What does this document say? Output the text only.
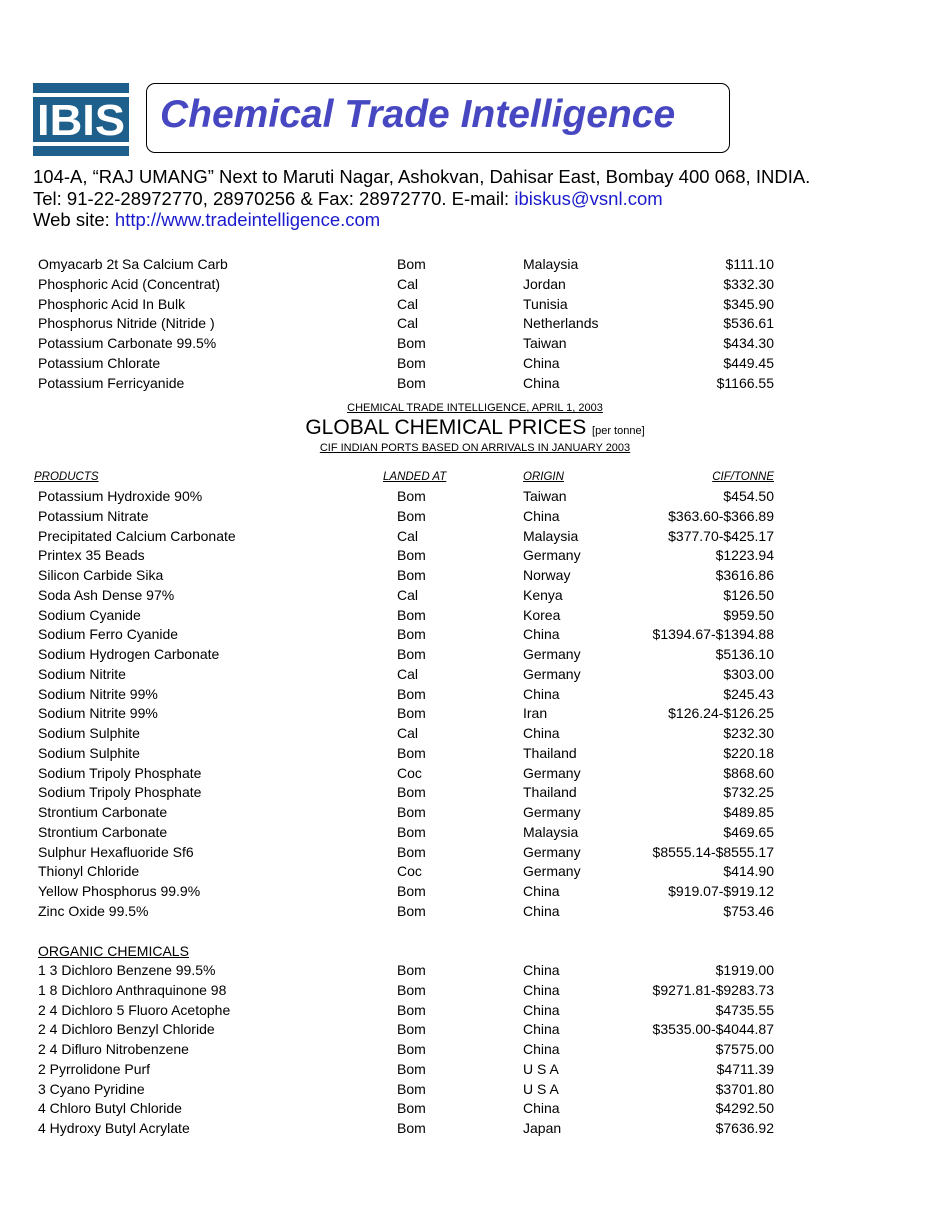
IBIS Chemical Trade Intelligence
104-A, “RAJ UMANG” Next to Maruti Nagar, Ashokvan, Dahisar East, Bombay 400 068, INDIA.
Tel: 91-22-28972770, 28970256 & Fax: 28972770. E-mail: ibiskus@vsnl.com
Web site: http://www.tradeintelligence.com
Omyacarb 2t Sa Calcium Carb	Bom	Malaysia	$111.10
Phosphoric Acid (Concentrat)	Cal	Jordan	$332.30
Phosphoric Acid In Bulk	Cal	Tunisia	$345.90
Phosphorus Nitride (Nitride )	Cal	Netherlands	$536.61
Potassium Carbonate 99.5%	Bom	Taiwan	$434.30
Potassium Chlorate	Bom	China	$449.45
Potassium Ferricyanide	Bom	China	$1166.55
CHEMICAL TRADE INTELLIGENCE, APRIL 1, 2003
GLOBAL CHEMICAL PRICES [per tonne]
CIF INDIAN PORTS BASED ON ARRIVALS IN JANUARY 2003
PRODUCTS	LANDED AT	ORIGIN	CIF/TONNE
Potassium Hydroxide 90%	Bom	Taiwan	$454.50
Potassium Nitrate	Bom	China	$363.60-$366.89
Precipitated Calcium Carbonate	Cal	Malaysia	$377.70-$425.17
Printex 35 Beads	Bom	Germany	$1223.94
Silicon Carbide Sika	Bom	Norway	$3616.86
Soda Ash Dense 97%	Cal	Kenya	$126.50
Sodium Cyanide	Bom	Korea	$959.50
Sodium Ferro Cyanide	Bom	China	$1394.67-$1394.88
Sodium Hydrogen Carbonate	Bom	Germany	$5136.10
Sodium Nitrite	Cal	Germany	$303.00
Sodium Nitrite 99%	Bom	China	$245.43
Sodium Nitrite 99%	Bom	Iran	$126.24-$126.25
Sodium Sulphite	Cal	China	$232.30
Sodium Sulphite	Bom	Thailand	$220.18
Sodium Tripoly Phosphate	Coc	Germany	$868.60
Sodium Tripoly Phosphate	Bom	Thailand	$732.25
Strontium Carbonate	Bom	Germany	$489.85
Strontium Carbonate	Bom	Malaysia	$469.65
Sulphur Hexafluoride Sf6	Bom	Germany	$8555.14-$8555.17
Thionyl Chloride	Coc	Germany	$414.90
Yellow Phosphorus 99.9%	Bom	China	$919.07-$919.12
Zinc Oxide 99.5%	Bom	China	$753.46
ORGANIC CHEMICALS
1 3 Dichloro Benzene 99.5%	Bom	China	$1919.00
1 8 Dichloro Anthraquinone 98	Bom	China	$9271.81-$9283.73
2 4 Dichloro 5 Fluoro Acetophe	Bom	China	$4735.55
2 4 Dichloro Benzyl Chloride	Bom	China	$3535.00-$4044.87
2 4 Difluro Nitrobenzene	Bom	China	$7575.00
2 Pyrrolidone Purf	Bom	U S A	$4711.39
3 Cyano Pyridine	Bom	U S A	$3701.80
4 Chloro Butyl Chloride	Bom	China	$4292.50
4 Hydroxy Butyl Acrylate	Bom	Japan	$7636.92
